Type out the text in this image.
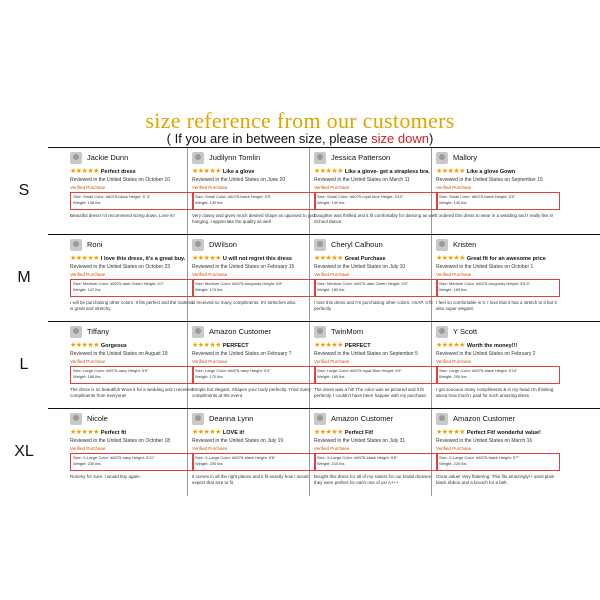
size reference from our customers
( If you are in between size, please size down)
S
Jackie Dunn
★★★★★ Perfect dress
Reviewed in the United States on October 10
Verified Purchase
Size: Small Color: #6075-black Height: 5' 3"
Weight: 138 lbs
Beautiful dress! I'd recommend sizing down. Love it!!
Judilynn Tomlin
★★★★★ Like a glove
Reviewed in the United States on June 20
Verified Purchase
Size: Small Color: #6075-black Height: 5'5"
Weight: 130 lbs
Very classy and gives much desired shape as opposed to just hanging. I appreciate the quality as well
Jessica Patterson
★★★★★ Like a glove- get a strapless bra.
Reviewed in the United States on March 11
Verified Purchase
Size: Small Color: #6075-royal blue Height: 5'10"
Weight: 140 lbs
Daughter was thrilled and it fit comfortably for dancing as well. School dance.
Mallory
★★★★★ Like a glove Gown
Reviewed in the United States on September 15
Verified Purchase
Size: Small Color: #6075-black Height: 5'5"
Weight: 140 lbs
I ordered this dress to wear in a wedding and I really like it!
M
Roni
★★★★★ I love this dress, it's a great buy.
Reviewed in the United States on October 23
Verified Purchase
Size: Medium Color: #6075-dark Green Height: 5'2"
Weight: 147 lbs
I will be purchasing other colors. It fits perfect and the material is great and stretchy.
DWilson
★★★★★ U will not regret this dress
Reviewed in the United States on February 15
Verified Purchase
Size: Medium Color: #6075-burgundy Height: 5'8"
Weight: 174 lbs
U received so many compliments. It's stretches also.
Cheryl Calhoun
★★★★★ Great Purchase
Reviewed in the United States on July 10
Verified Purchase
Size: Medium Color: #6075-dark Green Height: 5'5"
Weight: 180 lbs
I love this dress and I'm purchasing other colors. ASAP. It fit perfectly
Kristen
★★★★★ Great fit for an awesome price
Reviewed in the United States on October 1
Verified Purchase
Size: Medium Color: #6075-burgundy Height: 5'6.5"
Weight: 165 lbs
I feel so comfortable in it. I love that it has a stretch to it but it also super elegant.
L
Tiffany
★★★★★ Gorgeous
Reviewed in the United States on August 19
Verified Purchase
Size: Large Color: #6075-navy Height: 5'5"
Weight: 166 lbs
The dress is so beautiful! Wore it for a wedding and I received compliments from everyone!
Amazon Customer
★★★★★ PERFECT
Reviewed in the United States on February 7
Verified Purchase
Size: Large Color: #6075-navy Height: 5'3"
Weight: 170 lbs
Simple but elegant. Shapes your body perfectly. Tried many compliments at the event.
TwinMom
★★★★★ PERFECT
Reviewed in the United States on September 5
Verified Purchase
Size: Large Color: #6075-royal Blue Height: 5'6"
Weight: 165 lbs
The dress was a hit! The color was as pictured and it fit perfectly. I couldn't have been happier with my purchase.
Y Scott
★★★★★ Worth the money!!!
Reviewed in the United States on February 2
Verified Purchase
Size: Large Color: #6075-black Height: 5'10"
Weight: 200 lbs
I got soooooo many compliments & in my head I'm thinking about how much I paid for such amazing dress
XL
Nicole
★★★★★ Perfect fit
Reviewed in the United States on October 18
Verified Purchase
Size: X-Large Color: #6075-navy Height: 5'11"
Weight: 230 lbs
Rommy for sure. I would buy again.
Deanna Lynn
★★★★★ LOVE it!
Reviewed in the United States on July 19
Verified Purchase
Size: X-Large Color: #6075-black Height: 5'8"
Weight: 200 lbs
It curves in all the right places and it fit exactly how I would expect that size to fit.
Amazon Customer
★★★★★ Perfect Fit!
Reviewed in the United States on July 31
Verified Purchase
Size: X-Large Color: #6075-black Height: 5'8"
Weight: 210 lbs
Bought this dress for all of my sisters for our bridal dresses they were perfect for each one of us! A+++
Amazon Customer
★★★★★ Perfect Fit! wonderful value!
Reviewed in the United States on March 16
Verified Purchase
Size: X-Large Color: #6075-black Height: 5'7"
Weight: 220 lbs
Great value! Very flattering. This fits amazingly! I used plain black ribbon and a brooch for a belt.
